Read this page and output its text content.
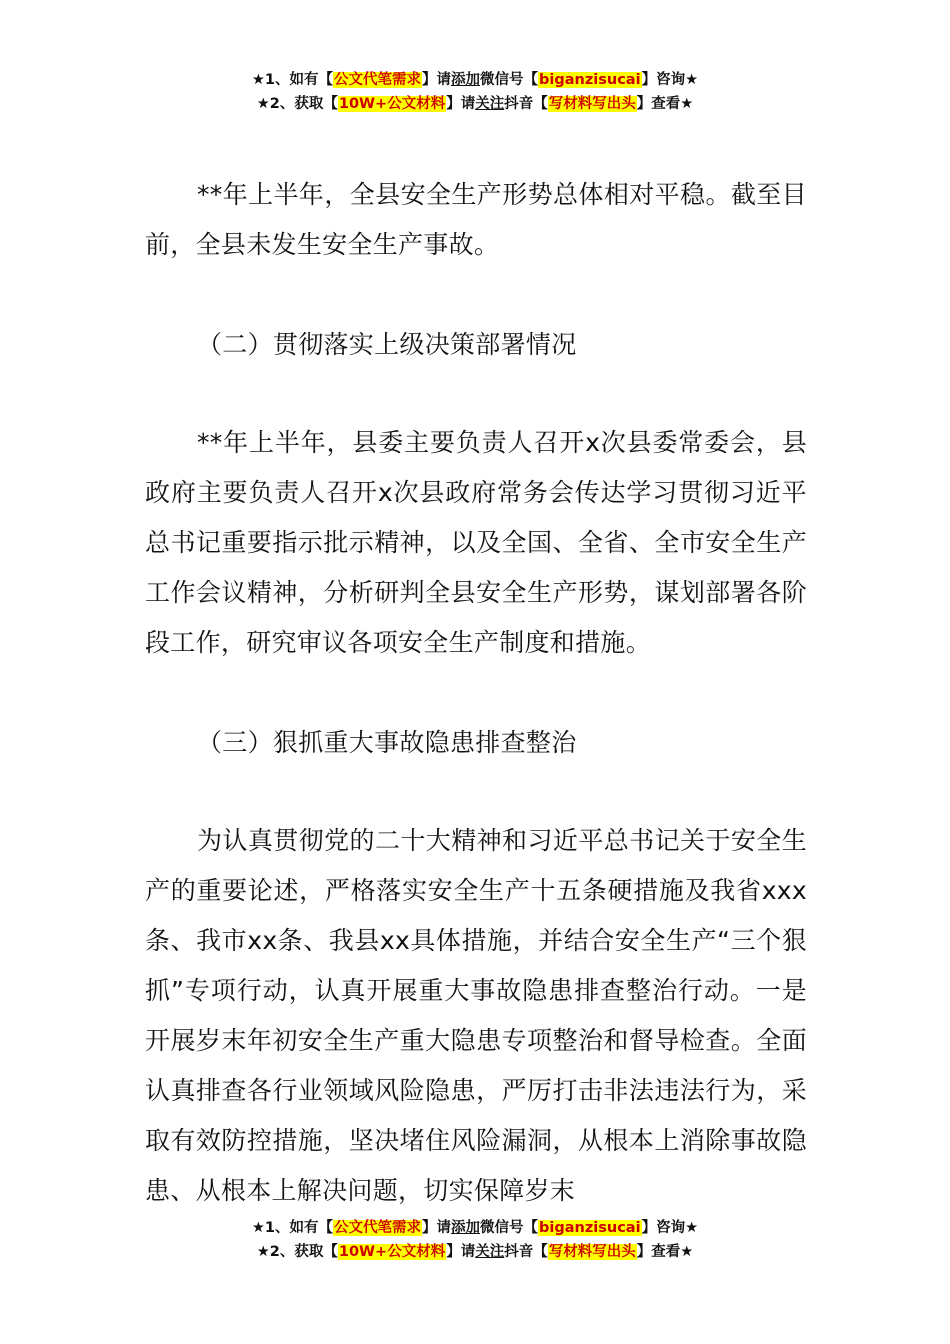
★1、如有【公文代笔需求】请添加微信号【biganzisucai】咨询★
★2、获取【10W+公文材料】请关注抖音【写材料写出头】查看★

**年上半年，全县安全生产形势总体相对平稳。截至目前，全县未发生安全生产事故。

（二）贯彻落实上级决策部署情况

**年上半年，县委主要负责人召开x次县委常委会，县政府主要负责人召开x次县政府常务会传达学习贯彻习近平总书记重要指示批示精神，以及全国、全省、全市安全生产工作会议精神，分析研判全县安全生产形势，谋划部署各阶段工作，研究审议各项安全生产制度和措施。

（三）狠抓重大事故隐患排查整治

为认真贯彻党的二十大精神和习近平总书记关于安全生产的重要论述，严格落实安全生产十五条硬措施及我省xxx条、我市xx条、我县xx具体措施，并结合安全生产“三个狠抓”专项行动，认真开展重大事故隐患排查整治行动。一是开展岁末年初安全生产重大隐患专项整治和督导检查。全面认真排查各行业领域风险隐患，严厉打击非法违法行为，采取有效防控措施，坚决堵住风险漏洞，从根本上消除事故隐患、从根本上解决问题，切实保障岁末

★1、如有【公文代笔需求】请添加微信号【biganzisucai】咨询★
★2、获取【10W+公文材料】请关注抖音【写材料写出头】查看★
